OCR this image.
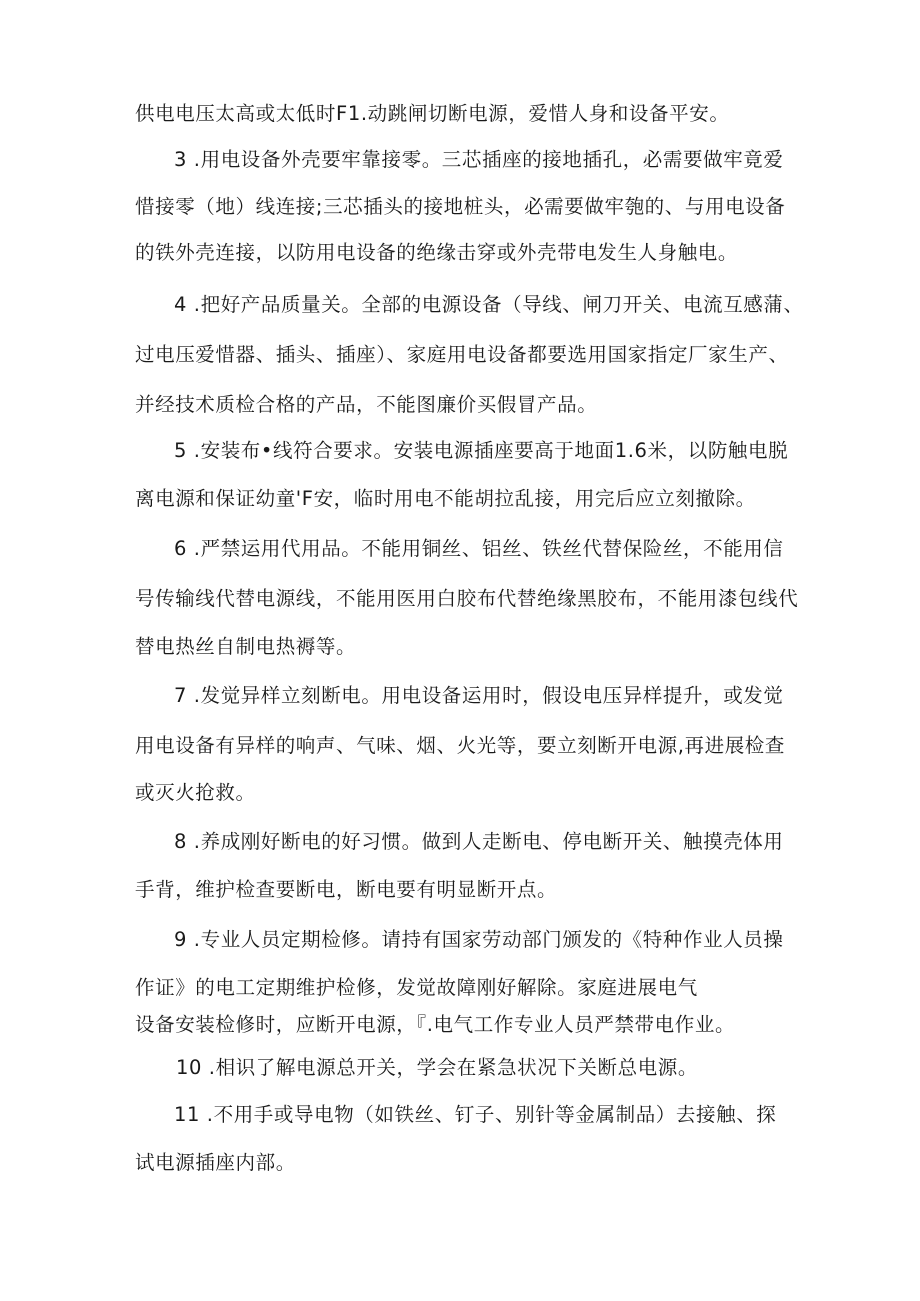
供电电压太高或太低时F1.动跳闸切断电源，爱惜人身和设备平安。
3 .用电设备外壳要牢靠接零。三芯插座的接地插孔，必需要做牢竟爱
惜接零（地）线连接;三芯插头的接地桩头，必需要做牢匏的、与用电设备
的铁外壳连接，以防用电设备的绝缘击穿或外壳带电发生人身触电。
4 .把好产品质量关。全部的电源设备（导线、闸刀开关、电流互感蒲、
过电压爱惜器、插头、插座）、家庭用电设备都要选用国家指定厂家生产、
并经技术质检合格的产品，不能图廉价买假冒产品。
5 .安装布•线符合要求。安装电源插座要高于地面1.6米，以防触电脱
离电源和保证幼童'F安，临时用电不能胡拉乱接，用完后应立刻撤除。
6 .严禁运用代用品。不能用铜丝、铝丝、铁丝代替保险丝，不能用信
号传输线代替电源线，不能用医用白胶布代替绝缘黑胶布，不能用漆包线代
替电热丝自制电热褥等。
7 .发觉异样立刻断电。用电设备运用时，假设电压异样提升，或发觉
用电设备有异样的响声、气味、烟、火光等，要立刻断开电源,再进展检查
或灭火抢救。
8 .养成刚好断电的好习惯。做到人走断电、停电断开关、触摸壳体用
手背，维护检查要断电，断电要有明显断开点。
9 .专业人员定期检修。请持有国家劳动部门颁发的《特种作业人员操
作证》的电工定期维护检修，发觉故障刚好解除。家庭进展电气
设备安装检修时，应断开电源，『.电气工作专业人员严禁带电作业。
10 .相识了解电源总开关，学会在紧急状况下关断总电源。
11 .不用手或导电物（如铁丝、钉子、别针等金属制品）去接触、探
试电源插座内部。
